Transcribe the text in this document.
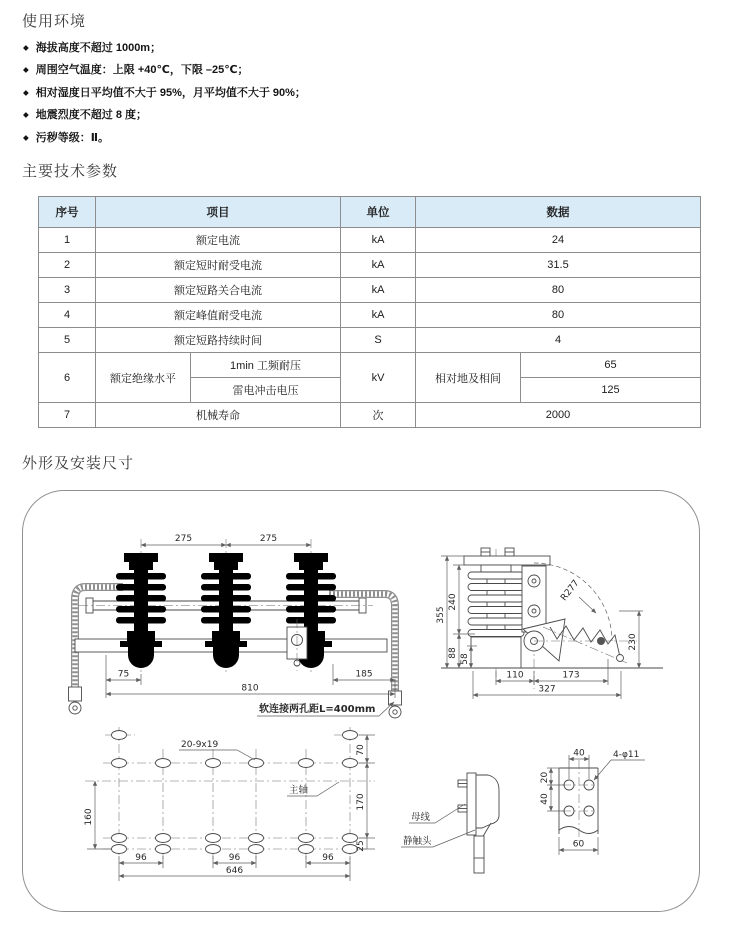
使用环境
◆ 海拔高度不超过 1000m；
◆ 周围空气温度：上限 +40℃，下限 –25℃；
◆ 相对湿度日平均值不大于 95%，月平均值不大于 90%；
◆ 地震烈度不超过 8 度；
◆ 污秽等级：Ⅱ。
主要技术参数
序号	项目		单位	数据	
1	额定电流		kA	24	
2	额定短时耐受电流		kA	31.5	
3	额定短路关合电流		kA	80	
4	额定峰值耐受电流		kA	80	
5	额定短路持续时间		S	4	
6	额定绝缘水平	1min 工频耐压	kV	相对地及相间	65
		雷电冲击电压			125
7	机械寿命		次	2000	
外形及安装尺寸
275	275
75	185
810
软连接两孔距L=400mm
R277
355
240
88
58
230
110	173
327
160
70
170
25
96	96	96
646
20-9x19
主轴
母线
静触头
40
20
40
60
4-φ11
